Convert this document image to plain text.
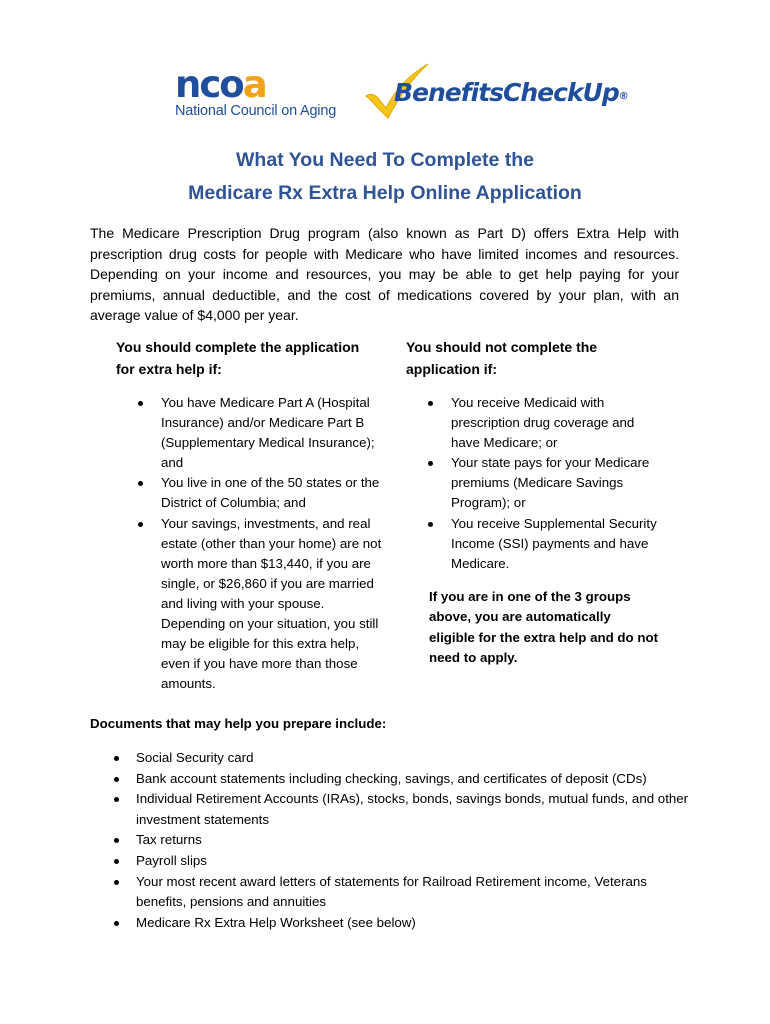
ncoa
National Council on Aging
BenefitsCheckUp®
What You Need To Complete the
Medicare Rx Extra Help Online Application

The Medicare Prescription Drug program (also known as Part D) offers Extra Help with prescription drug costs for people with Medicare who have limited incomes and resources. Depending on your income and resources, you may be able to get help paying for your premiums, annual deductible, and the cost of medications covered by your plan, with an average value of $4,000 per year.

You should complete the application
for extra help if:

You have Medicare Part A (Hospital Insurance) and/or Medicare Part B (Supplementary Medical Insurance); and
You live in one of the 50 states or the District of Columbia; and
Your savings, investments, and real estate (other than your home) are not worth more than $13,440, if you are single, or $26,860 if you are married and living with your spouse. Depending on your situation, you still may be eligible for this extra help, even if you have more than those amounts.

You should not complete the
application if:

You receive Medicaid with prescription drug coverage and have Medicare; or
Your state pays for your Medicare premiums (Medicare Savings Program); or
You receive Supplemental Security Income (SSI) payments and have Medicare.

If you are in one of the 3 groups above, you are automatically eligible for the extra help and do not need to apply.

Documents that may help you prepare include:

Social Security card
Bank account statements including checking, savings, and certificates of deposit (CDs)
Individual Retirement Accounts (IRAs), stocks, bonds, savings bonds, mutual funds, and other investment statements
Tax returns
Payroll slips
Your most recent award letters of statements for Railroad Retirement income, Veterans benefits, pensions and annuities
Medicare Rx Extra Help Worksheet (see below)
